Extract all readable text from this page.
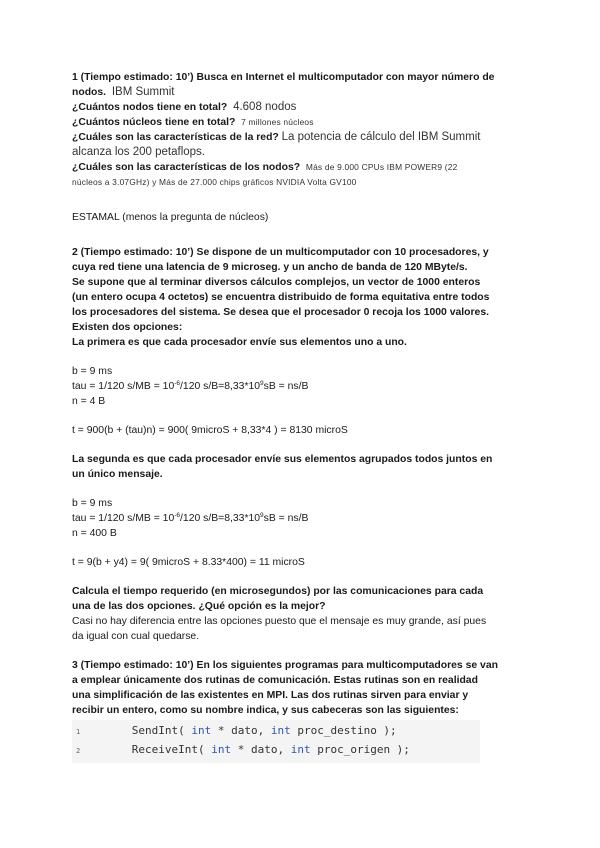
1 (Tiempo estimado: 10’) Busca en Internet el multicomputador con mayor número de

nodos. IBM Summit

¿Cuántos nodos tiene en total? 4.608 nodos

¿Cuántos núcleos tiene en total? 7 millones núcleos

¿Cuáles son las características de la red? La potencia de cálculo del IBM Summit

alcanza los 200 petaflops.

¿Cuáles son las características de los nodos? Más de 9.000 CPUs IBM POWER9 (22

núcleos a 3.07GHz) y Más de 27.000 chips gráficos NVIDIA Volta GV100

ESTAMAL (menos la pregunta de núcleos)

2 (Tiempo estimado: 10’) Se dispone de un multicomputador con 10 procesadores, y

cuya red tiene una latencia de 9 microseg. y un ancho de banda de 120 MByte/s.

Se supone que al terminar diversos cálculos complejos, un vector de 1000 enteros

(un entero ocupa 4 octetos) se encuentra distribuido de forma equitativa entre todos

los procesadores del sistema. Se desea que el procesador 0 recoja los 1000 valores.

Existen dos opciones:

La primera es que cada procesador envíe sus elementos uno a uno.

b = 9 ms

tau = 1/120 $s/MB = 10^{-6}/120$ $s/B=8,33*10^9sB = ns/B$

n = 4 B

t = 900(b + (tau)n) = 900( 9microS + 8,33*4 ) = 8130 microS

La segunda es que cada procesador envíe sus elementos agrupados todos juntos en

un único mensaje.

b = 9 ms

tau = 1/120 $s/MB = 10^{-6}/120$ $s/B=8,33*10^9sB = ns/B$

n = 400 B

t = 9(b + y4) = 9( 9microS + 8.33*400) = 11 microS

Calcula el tiempo requerido (en microsegundos) por las comunicaciones para cada

una de las dos opciones. ¿Qué opción es la mejor?

Casi no hay diferencia entre las opciones puesto que el mensaje es muy grande, así pues

da igual con cual quedarse.

3 (Tiempo estimado: 10’) En los siguientes programas para multicomputadores se van

a emplear únicamente dos rutinas de comunicación. Estas rutinas son en realidad

una simplificación de las existentes en MPI. Las dos rutinas sirven para enviar y

recibir un entero, como su nombre indica, y sus cabeceras son las siguientes:

1	SendInt( int * dato, int proc_destino );
2	ReceiveInt( int * dato, int proc_origen );
